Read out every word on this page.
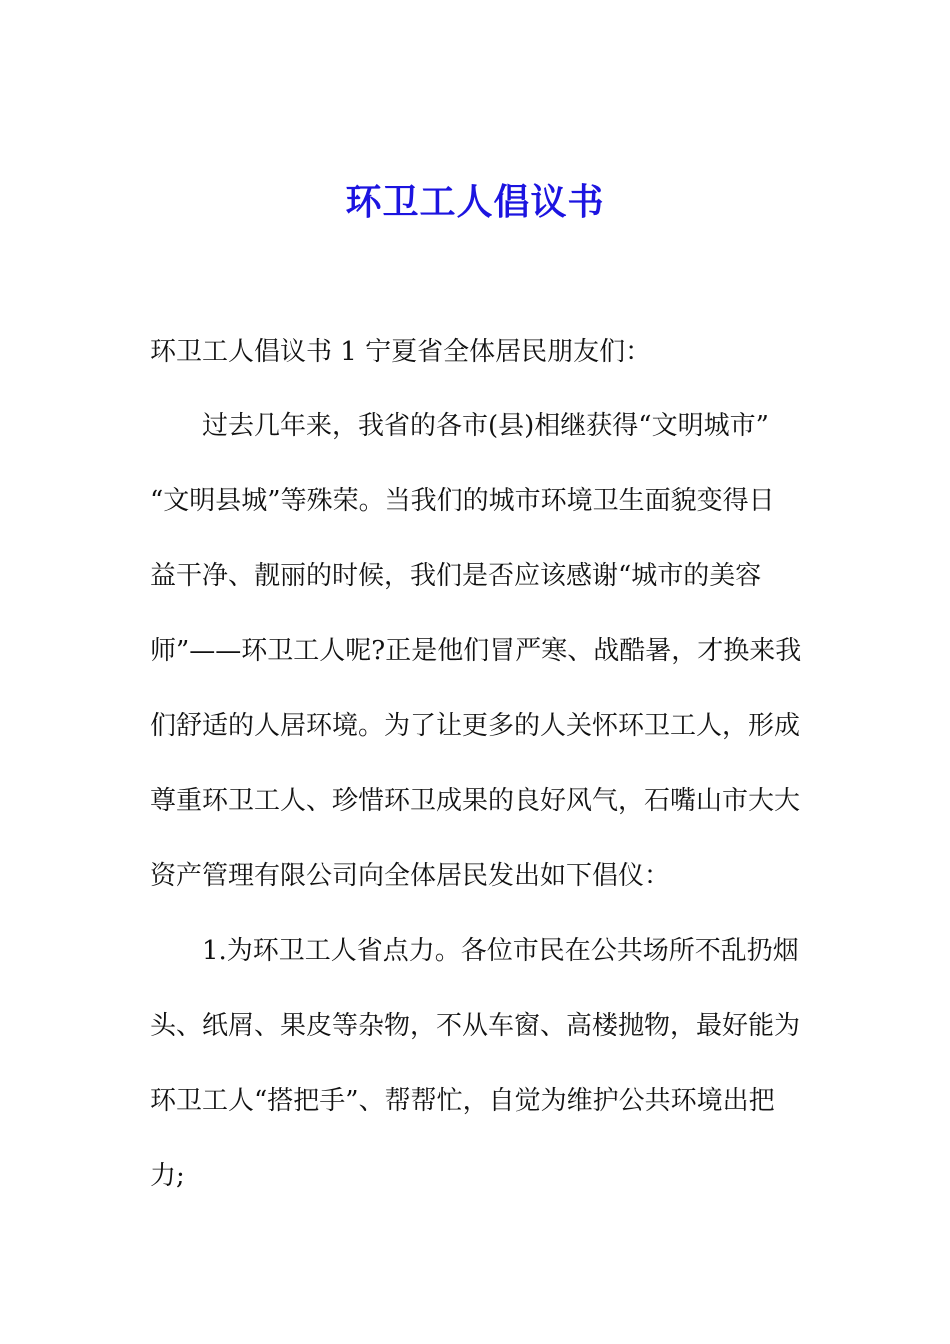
环卫工人倡议书
环卫工人倡议书 1 宁夏省全体居民朋友们：
过去几年来，我省的各市(县)相继获得“文明城市”
“文明县城”等殊荣。当我们的城市环境卫生面貌变得日
益干净、靓丽的时候，我们是否应该感谢“城市的美容
师”——环卫工人呢?正是他们冒严寒、战酷暑，才换来我
们舒适的人居环境。为了让更多的人关怀环卫工人，形成
尊重环卫工人、珍惜环卫成果的良好风气，石嘴山市大大
资产管理有限公司向全体居民发出如下倡仪：
1.为环卫工人省点力。各位市民在公共场所不乱扔烟
头、纸屑、果皮等杂物，不从车窗、高楼抛物，最好能为
环卫工人“搭把手”、帮帮忙，自觉为维护公共环境出把
力;
